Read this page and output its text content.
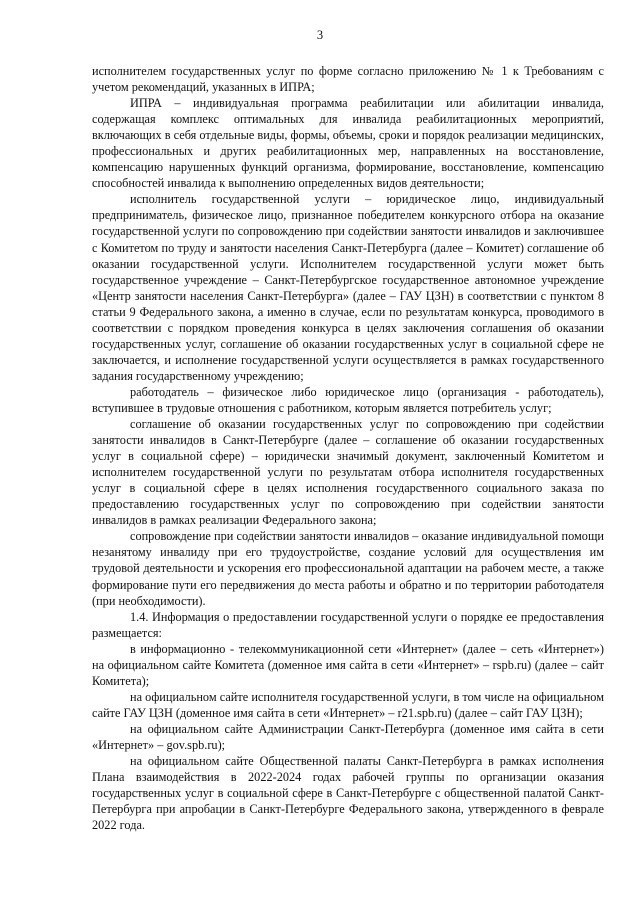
3

исполнителем государственных услуг по форме согласно приложению № 1 к Требованиям с учетом рекомендаций, указанных в ИПРА;

ИПРА – индивидуальная программа реабилитации или абилитации инвалида, содержащая комплекс оптимальных для инвалида реабилитационных мероприятий, включающих в себя отдельные виды, формы, объемы, сроки и порядок реализации медицинских, профессиональных и других реабилитационных мер, направленных на восстановление, компенсацию нарушенных функций организма, формирование, восстановление, компенсацию способностей инвалида к выполнению определенных видов деятельности;

исполнитель государственной услуги – юридическое лицо, индивидуальный предприниматель, физическое лицо, признанное победителем конкурсного отбора на оказание государственной услуги по сопровождению при содействии занятости инвалидов и заключившее с Комитетом по труду и занятости населения Санкт-Петербурга (далее – Комитет) соглашение об оказании государственной услуги. Исполнителем государственной услуги может быть государственное учреждение – Санкт-Петербургское государственное автономное учреждение «Центр занятости населения Санкт-Петербурга» (далее – ГАУ ЦЗН) в соответствии с пунктом 8 статьи 9 Федерального закона, а именно в случае, если по результатам конкурса, проводимого в соответствии с порядком проведения конкурса в целях заключения соглашения об оказании государственных услуг, соглашение об оказании государственных услуг в социальной сфере не заключается, и исполнение государственной услуги осуществляется в рамках государственного задания государственному учреждению;

работодатель – физическое либо юридическое лицо (организация - работодатель), вступившее в трудовые отношения с работником, которым является потребитель услуг;

соглашение об оказании государственных услуг по сопровождению при содействии занятости инвалидов в Санкт-Петербурге (далее – соглашение об оказании государственных услуг в социальной сфере) – юридически значимый документ, заключенный Комитетом и исполнителем государственной услуги по результатам отбора исполнителя государственных услуг в социальной сфере в целях исполнения государственного социального заказа по предоставлению государственных услуг по сопровождению при содействии занятости инвалидов в рамках реализации Федерального закона;

сопровождение при содействии занятости инвалидов – оказание индивидуальной помощи незанятому инвалиду при его трудоустройстве, создание условий для осуществления им трудовой деятельности и ускорения его профессиональной адаптации на рабочем месте, а также формирование пути его передвижения до места работы и обратно и по территории работодателя (при необходимости).

1.4. Информация о предоставлении государственной услуги о порядке ее предоставления размещается:

в информационно - телекоммуникационной сети «Интернет» (далее – сеть «Интернет») на официальном сайте Комитета (доменное имя сайта в сети «Интернет» – rspb.ru) (далее – сайт Комитета);

на официальном сайте исполнителя государственной услуги, в том числе на официальном сайте ГАУ ЦЗН (доменное имя сайта в сети «Интернет» – r21.spb.ru) (далее – сайт ГАУ ЦЗН);

на официальном сайте Администрации Санкт-Петербурга (доменное имя сайта в сети «Интернет» – gov.spb.ru);

на официальном сайте Общественной палаты Санкт-Петербурга в рамках исполнения Плана взаимодействия в 2022-2024 годах рабочей группы по организации оказания государственных услуг в социальной сфере в Санкт-Петербурге с общественной палатой Санкт-Петербурга при апробации в Санкт-Петербурге Федерального закона, утвержденного в феврале 2022 года.
